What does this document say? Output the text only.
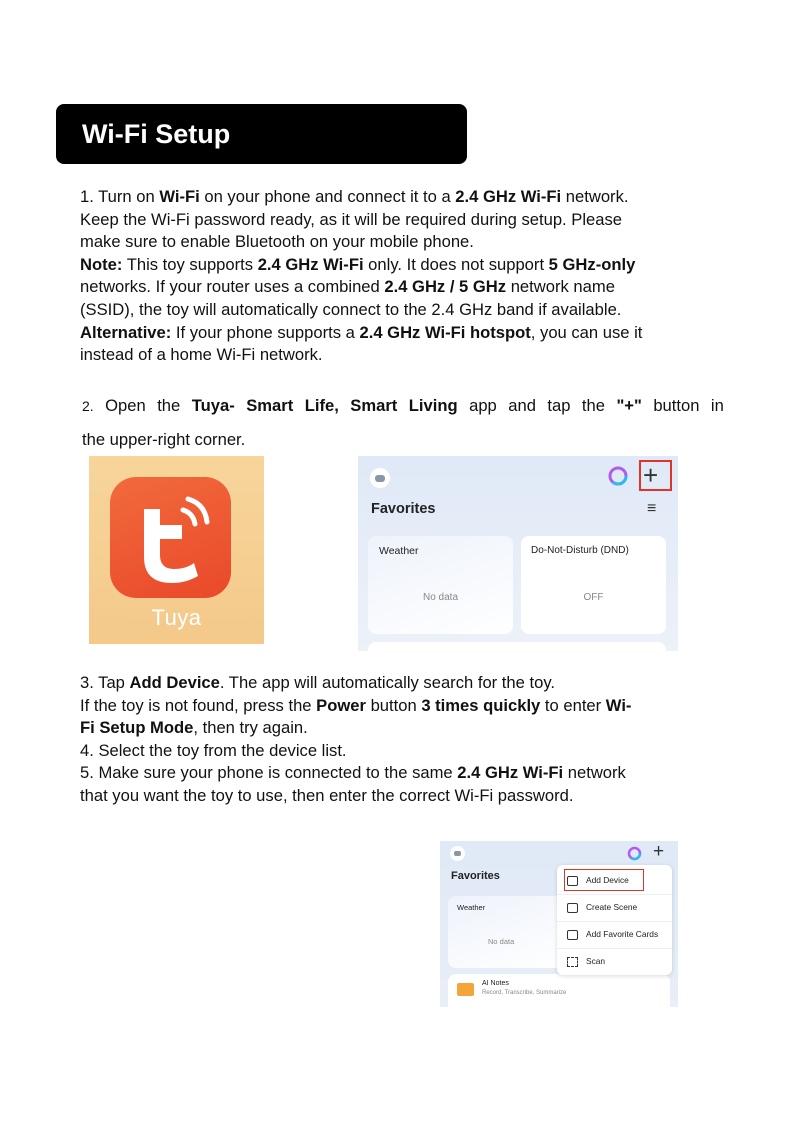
Wi-Fi Setup
1. Turn on Wi-Fi on your phone and connect it to a 2.4 GHz Wi-Fi network.
Keep the Wi-Fi password ready, as it will be required during setup. Please
make sure to enable Bluetooth on your mobile phone.
Note: This toy supports 2.4 GHz Wi-Fi only. It does not support 5 GHz-only
networks. If your router uses a combined 2.4 GHz / 5 GHz network name
(SSID), the toy will automatically connect to the 2.4 GHz band if available.
Alternative: If your phone supports a 2.4 GHz Wi-Fi hotspot, you can use it
instead of a home Wi-Fi network.
2. Open the Tuya- Smart Life, Smart Living app and tap the "+" button in
the upper-right corner.
Tuya
+
Favorites	≡
Weather
No data
Do-Not-Disturb (DND)
OFF
3. Tap Add Device. The app will automatically search for the toy.
If the toy is not found, press the Power button 3 times quickly to enter Wi-
Fi Setup Mode, then try again.
4. Select the toy from the device list.
5. Make sure your phone is connected to the same 2.4 GHz Wi-Fi network
that you want the toy to use, then enter the correct Wi-Fi password.
+
Favorites
Weather
No data
AI Notes
Record, Transcribe, Summarize
Add Device
Create Scene
Add Favorite Cards
Scan
